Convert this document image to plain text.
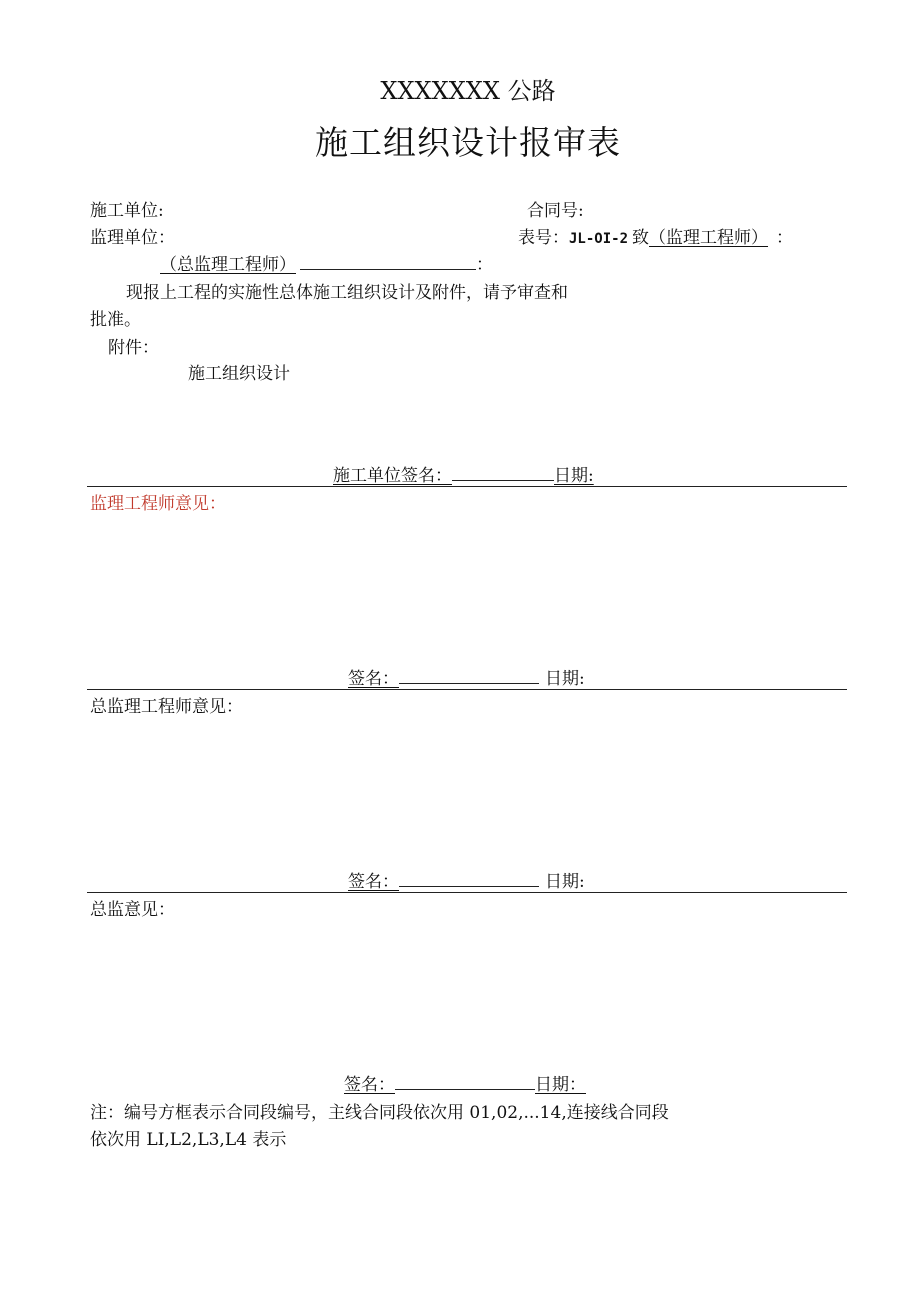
XXXXXXX 公路
施工组织设计报审表
施工单位:	合同号:
监理单位：	表号：JL-OI-2 致（监理工程师） ：
（总监理工程师）	：
现报上工程的实施性总体施工组织设计及附件，请予审查和
批准。
附件：
施工组织设计
施工单位签名：	日期:
监理工程师意见：
签名：	日期:
总监理工程师意见：
签名：	日期:
总监意见：
签名：	日期：
注：编号方框表示合同段编号，主线合同段依次用 01,02,...14,连接线合同段
依次用 LI,L2,L3,L4 表示
